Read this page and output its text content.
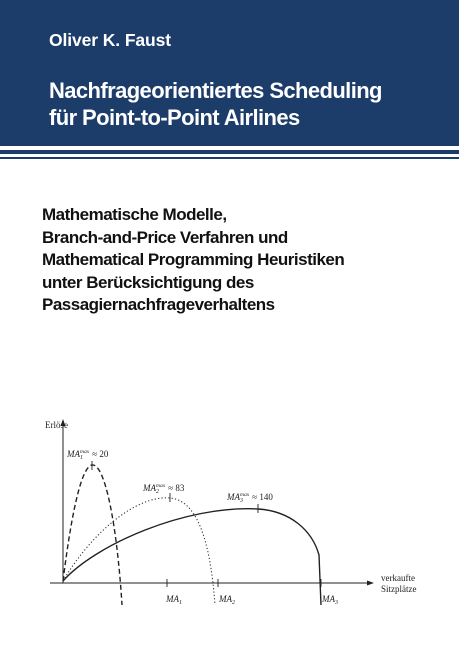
Oliver K. Faust
Nachfrageorientiertes Scheduling
für Point-to-Point Airlines
Mathematische Modelle,
Branch-and-Price Verfahren und
Mathematical Programming Heuristiken
unter Berücksichtigung des
Passagiernachfrageverhaltens
Erlöse
verkaufte
Sitzplätze
$MA_1\max \approx 20$
$MA_2\max \approx 83$
$MA_3\max \approx 140$
$MA_1$	$MA_2$	$MA_3$
